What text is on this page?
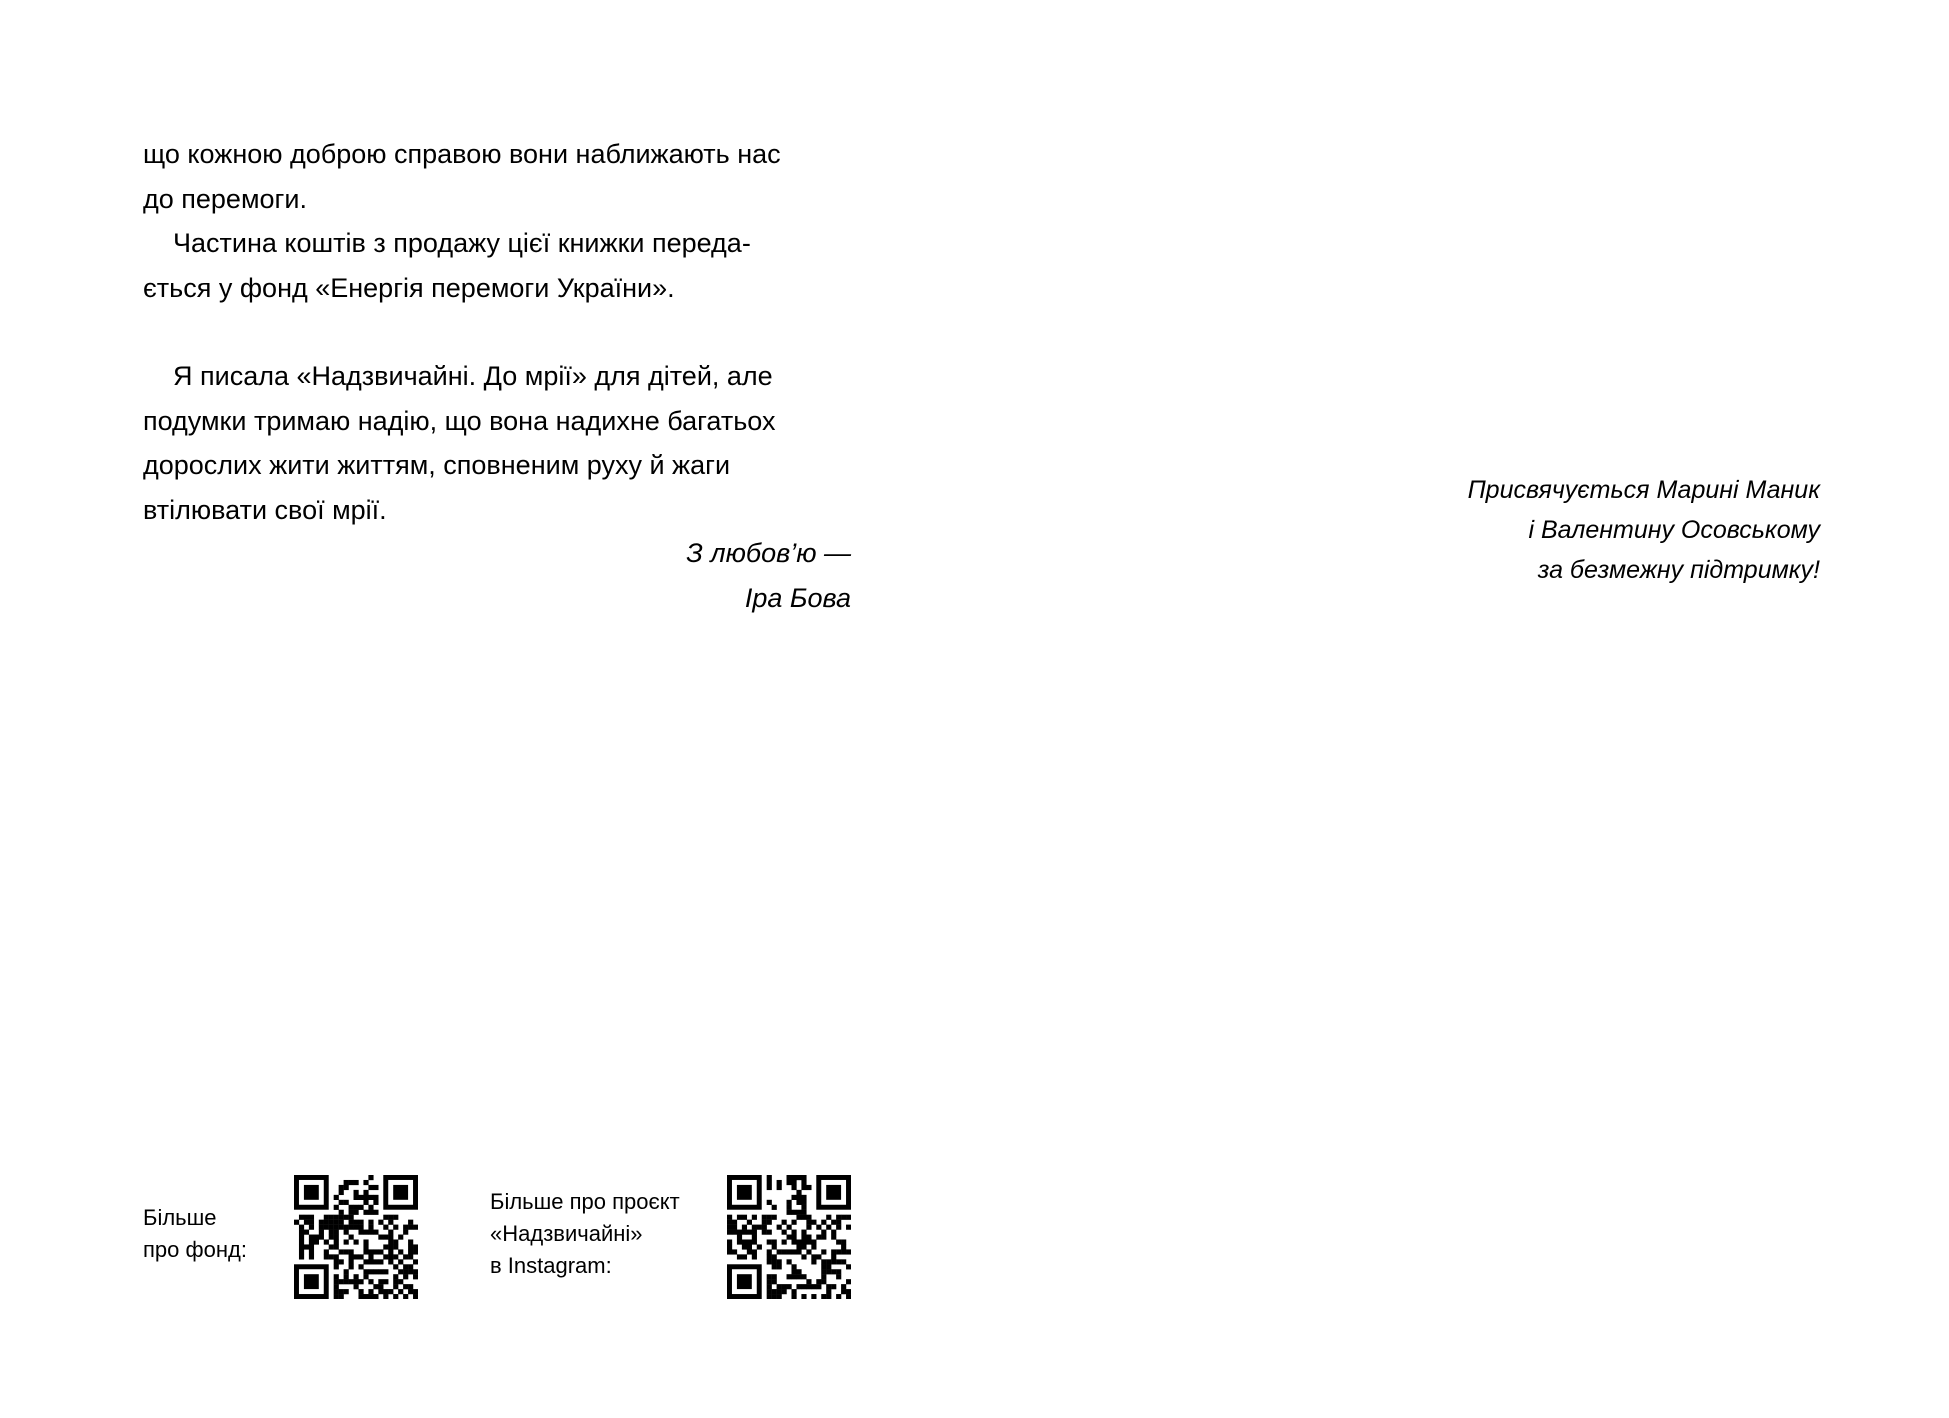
що кожною доброю справою вони наближають нас
до перемоги.

Частина коштів з продажу цієї книжки переда-
ється у фонд «Енергія перемоги України».

Я писала «Надзвичайні. До мрії» для дітей, але
подумки тримаю надію, що вона надихне багатьох
дорослих жити життям, сповненим руху й жаги
втілювати свої мрії.

З любов’ю —
Іра Бова
Присвячується Марині Маник
і Валентину Осовському
за безмежну підтримку!
Більше
про фонд:
Більше про проєкт
«Надзвичайні»
в Instagram:
